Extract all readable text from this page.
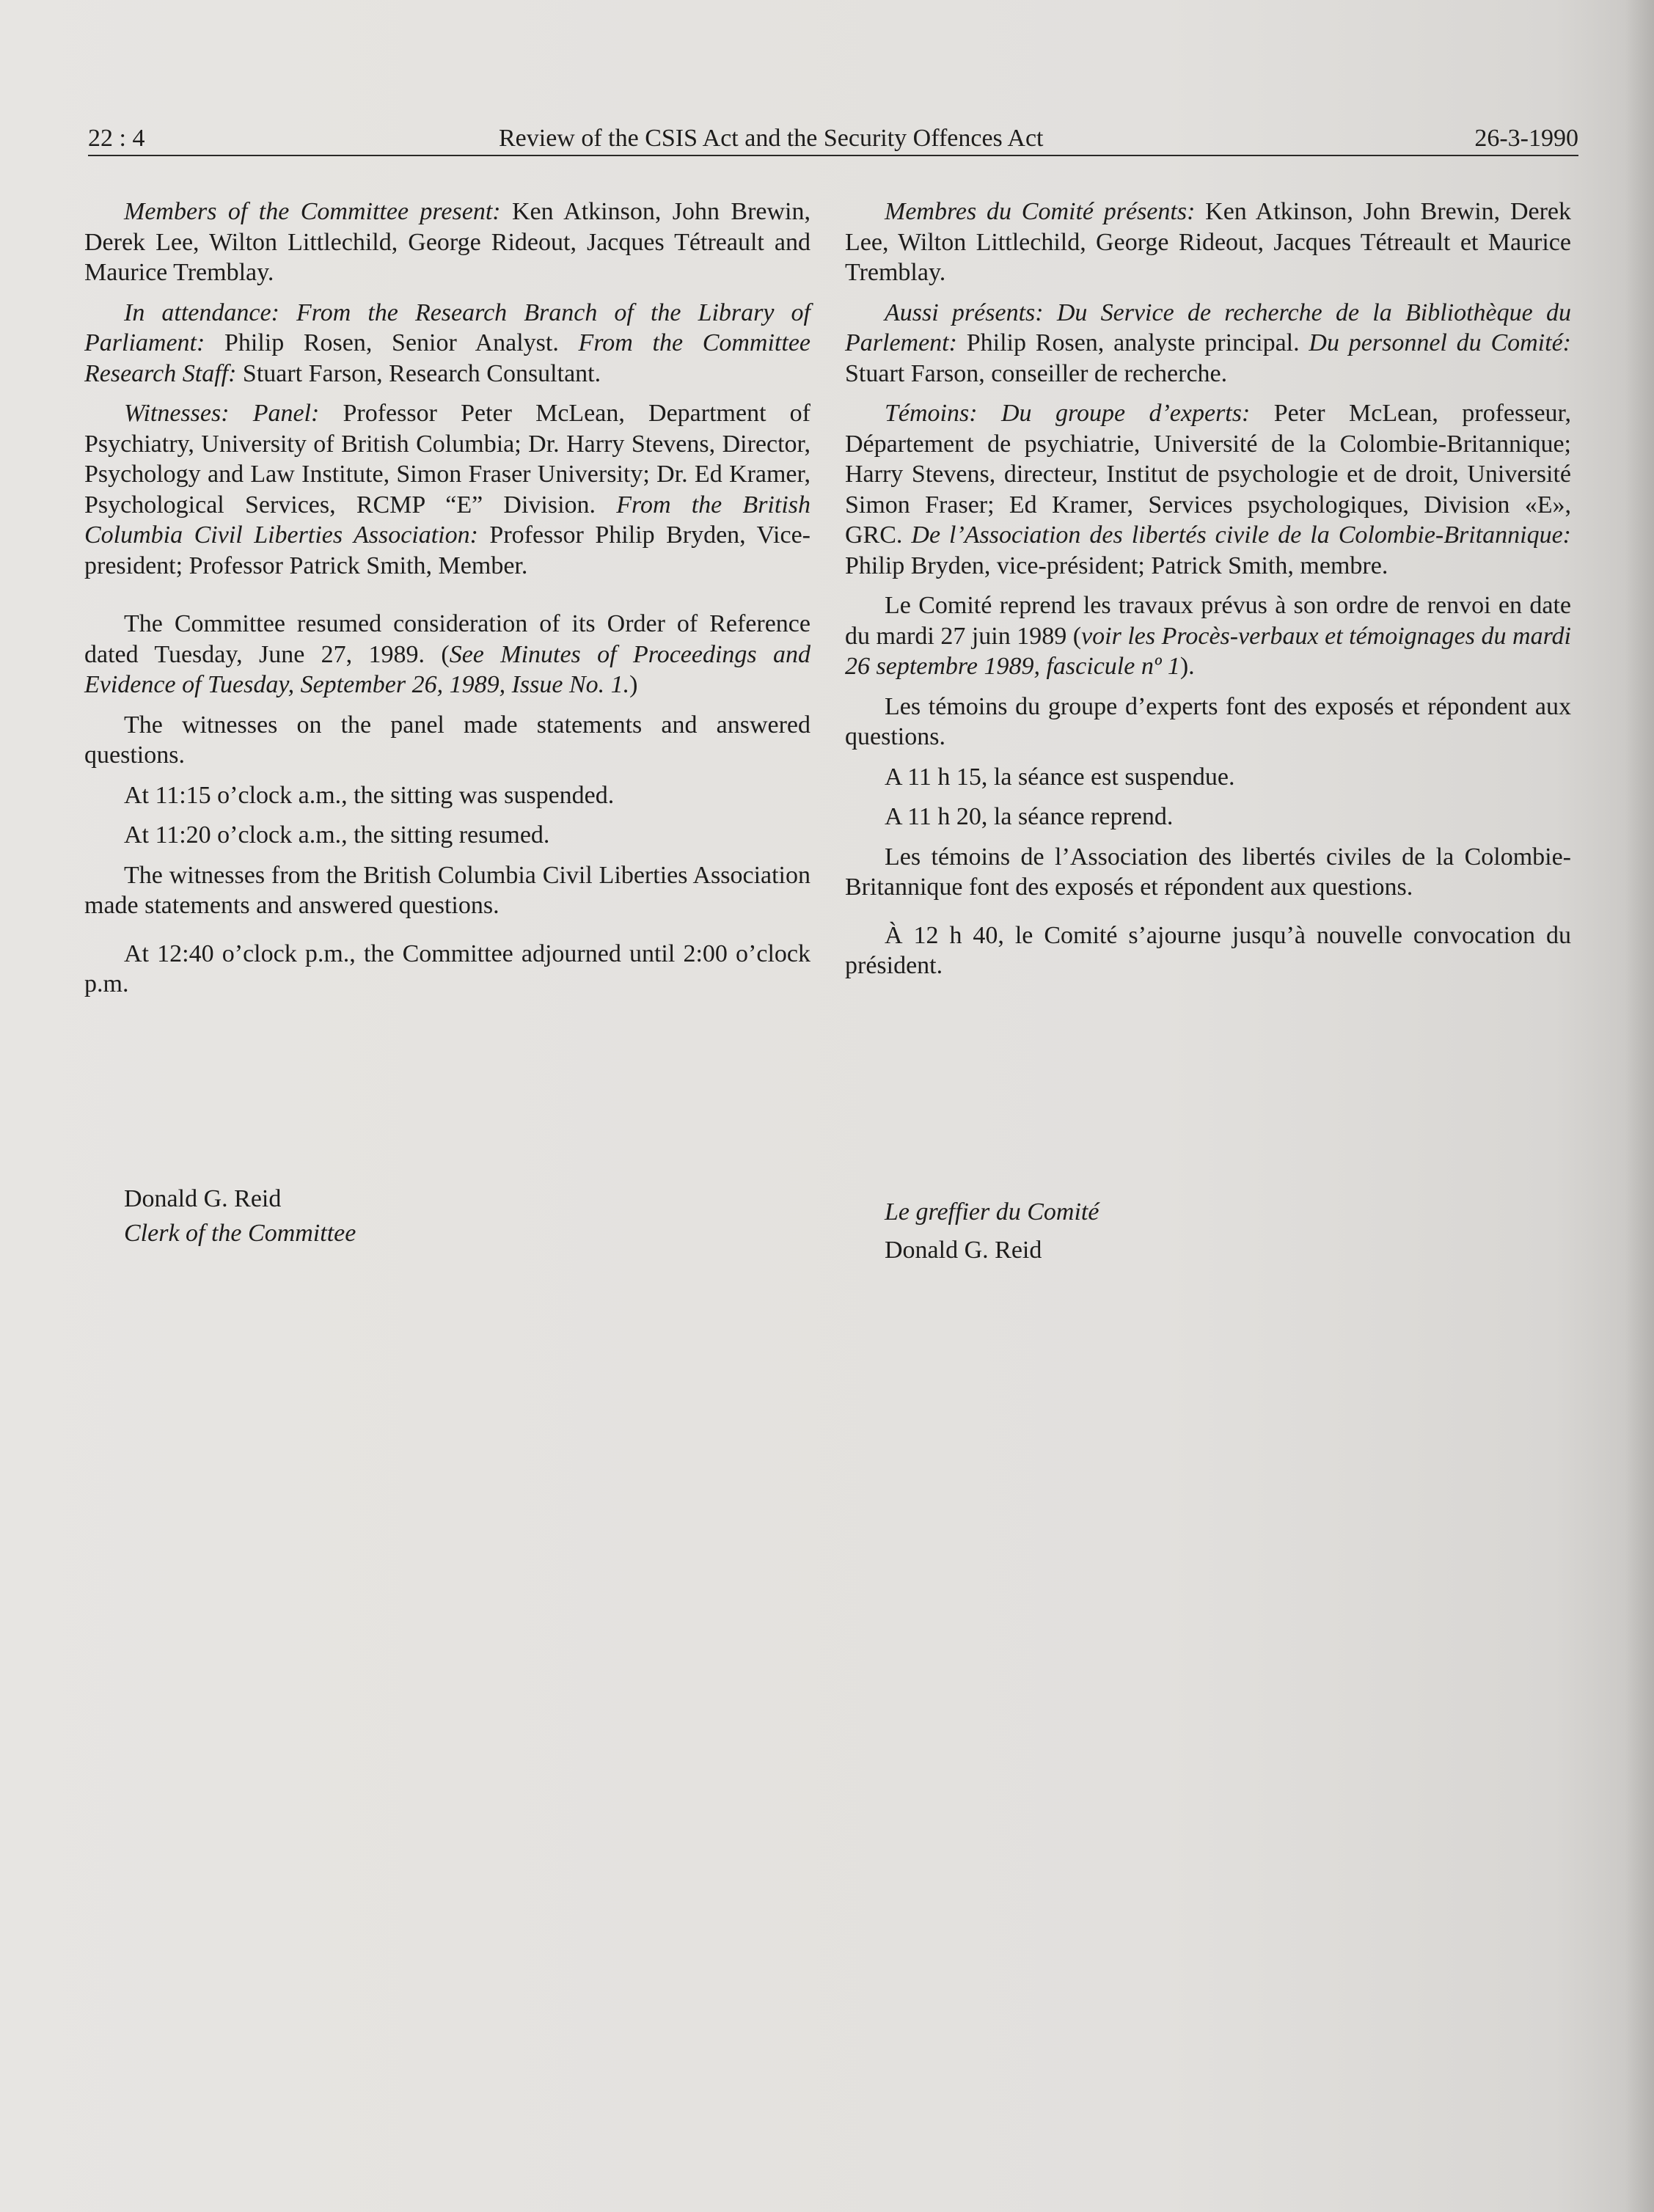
22 : 4	Review of the CSIS Act and the Security Offences Act	26-3-1990

Members of the Committee present: Ken Atkinson, John Brewin, Derek Lee, Wilton Littlechild, George Rideout, Jacques Tétreault and Maurice Tremblay.

In attendance: From the Research Branch of the Library of Parliament: Philip Rosen, Senior Analyst. From the Committee Research Staff: Stuart Farson, Research Consultant.

Witnesses: Panel: Professor Peter McLean, Department of Psychiatry, University of British Columbia; Dr. Harry Stevens, Director, Psychology and Law Institute, Simon Fraser University; Dr. Ed Kramer, Psychological Services, RCMP “E” Division. From the British Columbia Civil Liberties Association: Professor Philip Bryden, Vice-president; Professor Patrick Smith, Member.

The Committee resumed consideration of its Order of Reference dated Tuesday, June 27, 1989. (See Minutes of Proceedings and Evidence of Tuesday, September 26, 1989, Issue No. 1.)

The witnesses on the panel made statements and answered questions.

At 11:15 o’clock a.m., the sitting was suspended.

At 11:20 o’clock a.m., the sitting resumed.

The witnesses from the British Columbia Civil Liberties Association made statements and answered questions.

At 12:40 o’clock p.m., the Committee adjourned until 2:00 o’clock p.m.

Donald G. Reid

Clerk of the Committee

Membres du Comité présents: Ken Atkinson, John Brewin, Derek Lee, Wilton Littlechild, George Rideout, Jacques Tétreault et Maurice Tremblay.

Aussi présents: Du Service de recherche de la Bibliothèque du Parlement: Philip Rosen, analyste principal. Du personnel du Comité: Stuart Farson, conseiller de recherche.

Témoins: Du groupe d’experts: Peter McLean, professeur, Département de psychiatrie, Université de la Colombie-Britannique; Harry Stevens, directeur, Institut de psychologie et de droit, Université Simon Fraser; Ed Kramer, Services psychologiques, Division «E», GRC. De l’Association des libertés civile de la Colombie-Britannique: Philip Bryden, vice-président; Patrick Smith, membre.

Le Comité reprend les travaux prévus à son ordre de renvoi en date du mardi 27 juin 1989 (voir les Procès-verbaux et témoignages du mardi 26 septembre 1989, fascicule nº 1).

Les témoins du groupe d’experts font des exposés et répondent aux questions.

A 11 h 15, la séance est suspendue.

A 11 h 20, la séance reprend.

Les témoins de l’Association des libertés civiles de la Colombie-Britannique font des exposés et répondent aux questions.

À 12 h 40, le Comité s’ajourne jusqu’à nouvelle convocation du président.

Le greffier du Comité

Donald G. Reid
